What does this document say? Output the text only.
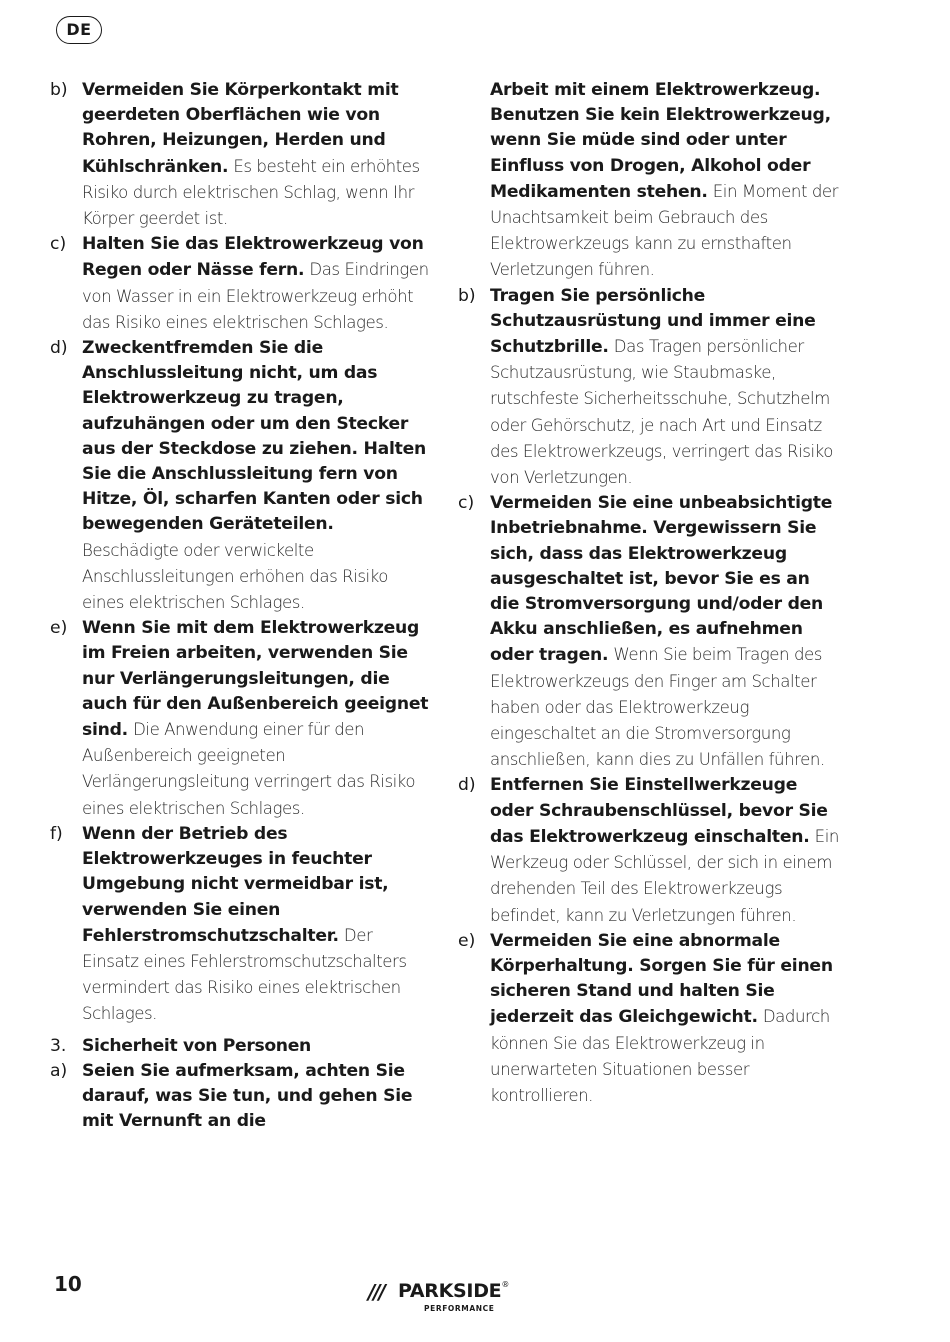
DE
b) Vermeiden Sie Körperkontakt mit geerdeten Oberflächen wie von Rohren, Heizungen, Herden und Kühlschränken. Es besteht ein erhöhtes Risiko durch elektrischen Schlag, wenn Ihr Körper geerdet ist.

c) Halten Sie das Elektrowerkzeug von Regen oder Nässe fern. Das Eindringen von Wasser in ein Elektrowerkzeug erhöht das Risiko eines elektrischen Schlages.

d) Zweckentfremden Sie die Anschlussleitung nicht, um das Elektrowerkzeug zu tragen, aufzuhängen oder um den Stecker aus der Steckdose zu ziehen. Halten Sie die Anschlussleitung fern von Hitze, Öl, scharfen Kanten oder sich bewegenden Geräteteilen. Beschädigte oder verwickelte Anschlussleitungen erhöhen das Risiko eines elektrischen Schlages.

e) Wenn Sie mit dem Elektrowerkzeug im Freien arbeiten, verwenden Sie nur Verlängerungsleitungen, die auch für den Außenbereich geeignet sind. Die Anwendung einer für den Außenbereich geeigneten Verlängerungsleitung verringert das Risiko eines elektrischen Schlages.

f) Wenn der Betrieb des Elektrowerkzeuges in feuchter Umgebung nicht vermeidbar ist, verwenden Sie einen Fehlerstromschutzschalter. Der Einsatz eines Fehlerstromschutzschalters vermindert das Risiko eines elektrischen Schlages.

3. Sicherheit von Personen

a) Seien Sie aufmerksam, achten Sie darauf, was Sie tun, und gehen Sie mit Vernunft an die

Arbeit mit einem Elektrowerkzeug. Benutzen Sie kein Elektrowerkzeug, wenn Sie müde sind oder unter Einfluss von Drogen, Alkohol oder Medikamenten stehen. Ein Moment der Unachtsamkeit beim Gebrauch des Elektrowerkzeugs kann zu ernsthaften Verletzungen führen.

b) Tragen Sie persönliche Schutzausrüstung und immer eine Schutzbrille. Das Tragen persönlicher Schutzausrüstung, wie Staubmaske, rutschfeste Sicherheitsschuhe, Schutzhelm oder Gehörschutz, je nach Art und Einsatz des Elektrowerkzeugs, verringert das Risiko von Verletzungen.

c) Vermeiden Sie eine unbeabsichtigte Inbetriebnahme. Vergewissern Sie sich, dass das Elektrowerkzeug ausgeschaltet ist, bevor Sie es an die Stromversorgung und/oder den Akku anschließen, es aufnehmen oder tragen. Wenn Sie beim Tragen des Elektrowerkzeugs den Finger am Schalter haben oder das Elektrowerkzeug eingeschaltet an die Stromversorgung anschließen, kann dies zu Unfällen führen.

d) Entfernen Sie Einstellwerkzeuge oder Schraubenschlüssel, bevor Sie das Elektrowerkzeug einschalten. Ein Werkzeug oder Schlüssel, der sich in einem drehenden Teil des Elektrowerkzeugs befindet, kann zu Verletzungen führen.

e) Vermeiden Sie eine abnormale Körperhaltung. Sorgen Sie für einen sicheren Stand und halten Sie jederzeit das Gleichgewicht. Dadurch können Sie das Elektrowerkzeug in unerwarteten Situationen besser kontrollieren.

10	/// PARKSIDE®
PERFORMANCE
